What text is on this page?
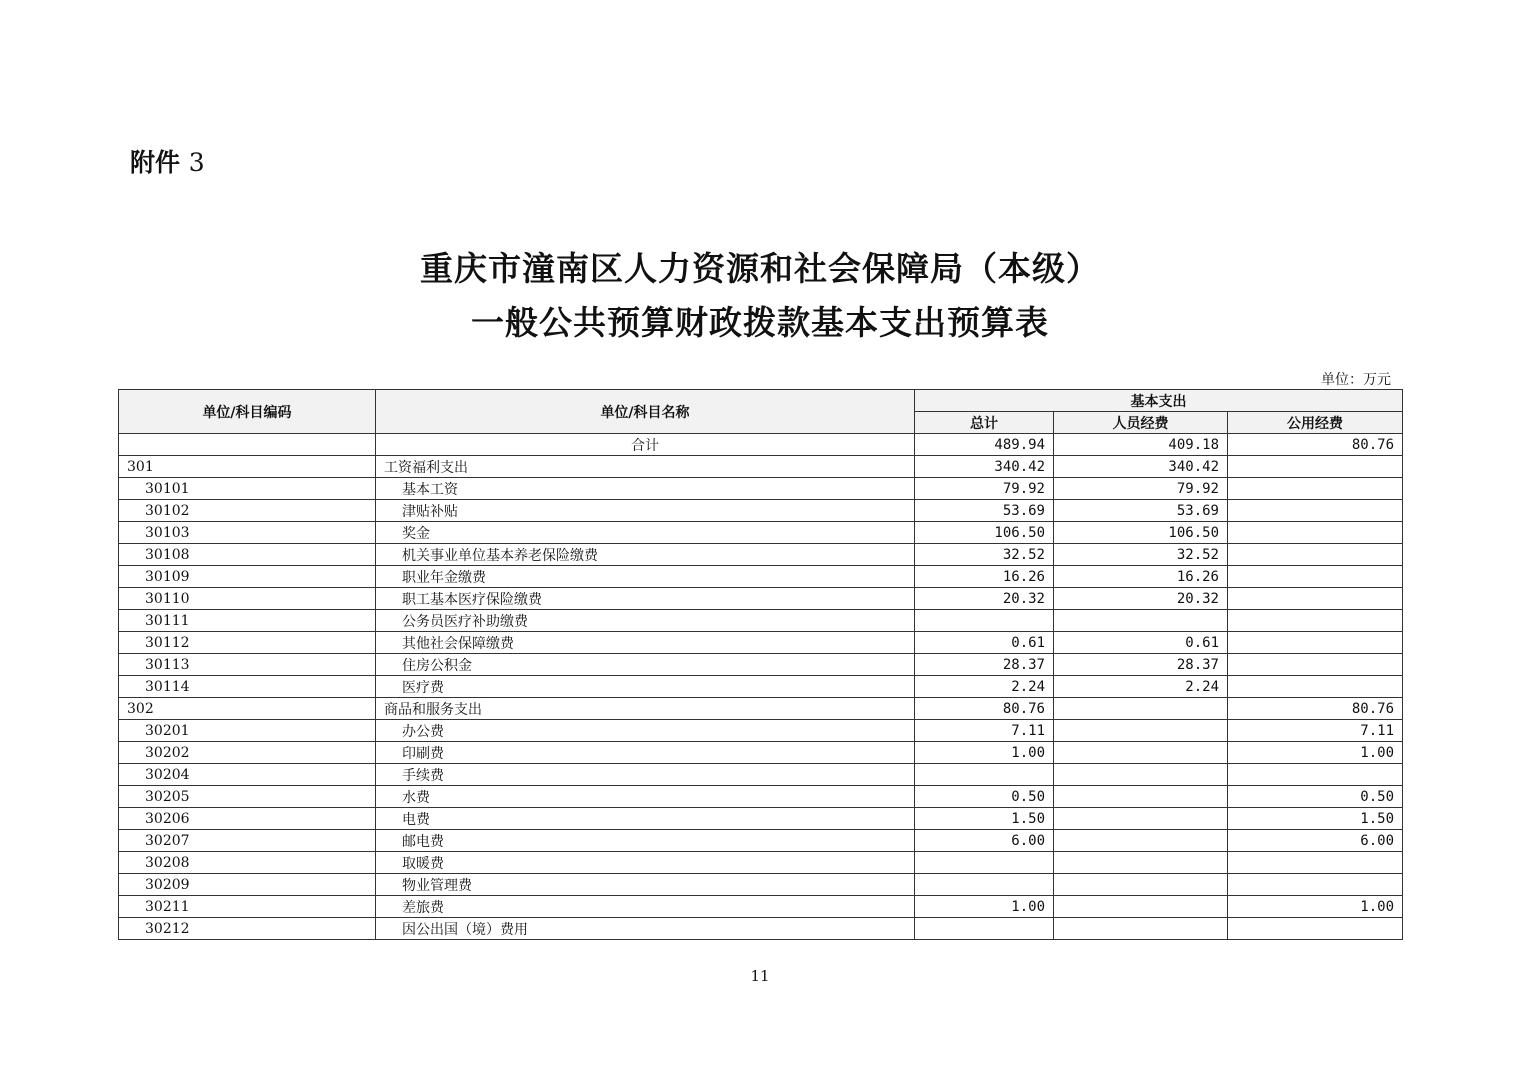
附件 3
重庆市潼南区人力资源和社会保障局（本级）
一般公共预算财政拨款基本支出预算表
单位：万元
单位/科目编码	单位/科目名称	基本支出		
		总计	人员经费	公用经费
	合计	489.94	409.18	80.76
301	工资福利支出	340.42	340.42	
30101	基本工资	79.92	79.92	
30102	津贴补贴	53.69	53.69	
30103	奖金	106.50	106.50	
30108	机关事业单位基本养老保险缴费	32.52	32.52	
30109	职业年金缴费	16.26	16.26	
30110	职工基本医疗保险缴费	20.32	20.32	
30111	公务员医疗补助缴费			
30112	其他社会保障缴费	0.61	0.61	
30113	住房公积金	28.37	28.37	
30114	医疗费	2.24	2.24	
302	商品和服务支出	80.76		80.76
30201	办公费	7.11		7.11
30202	印刷费	1.00		1.00
30204	手续费			
30205	水费	0.50		0.50
30206	电费	1.50		1.50
30207	邮电费	6.00		6.00
30208	取暖费			
30209	物业管理费			
30211	差旅费	1.00		1.00
30212	因公出国（境）费用			
11
